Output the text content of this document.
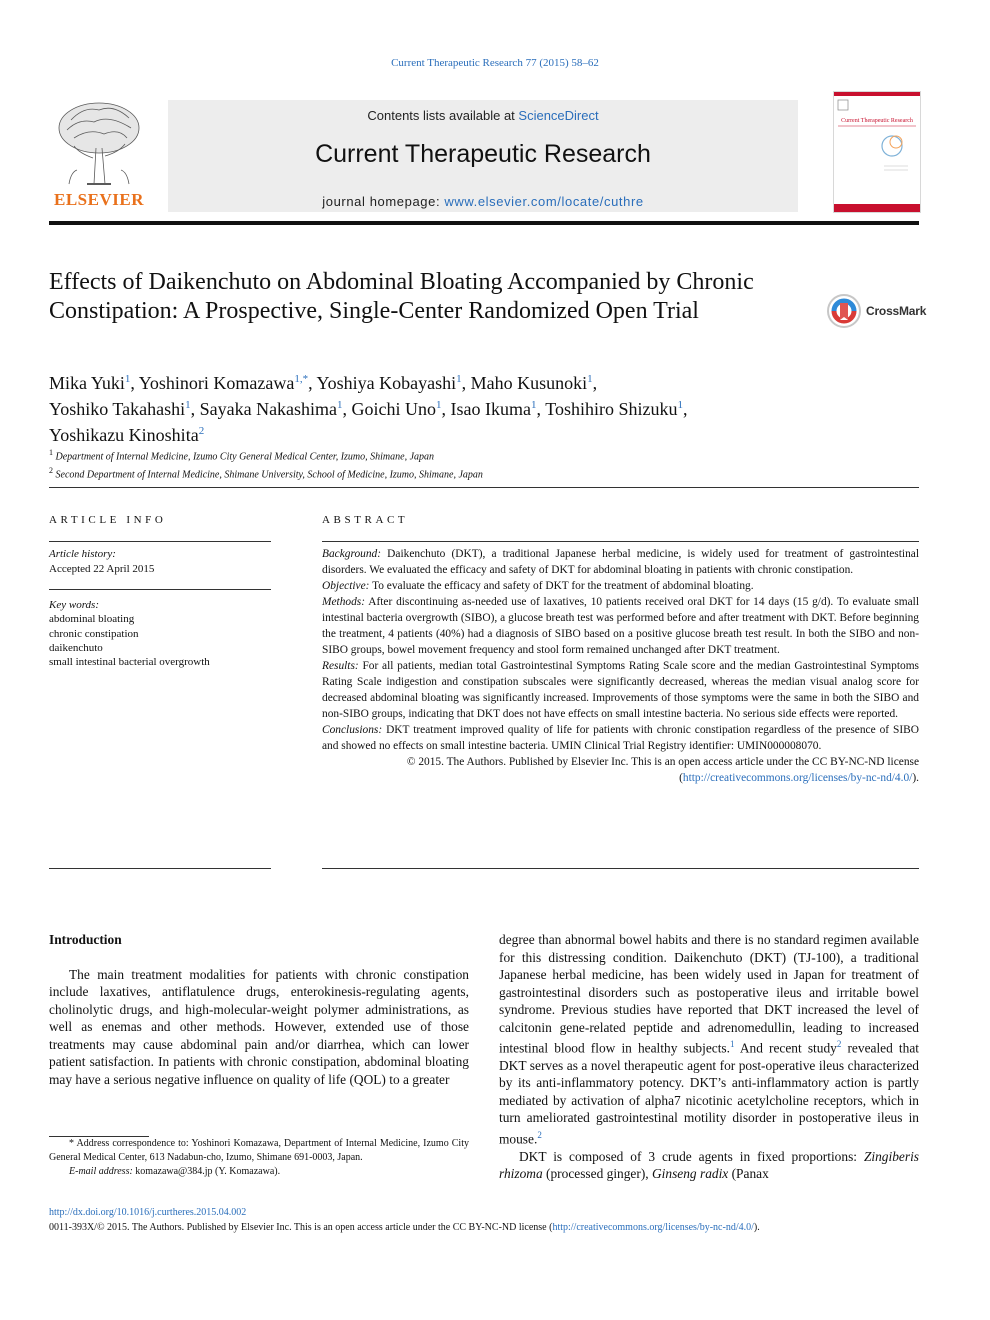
Current Therapeutic Research 77 (2015) 58–62
ELSEVIER
Contents lists available at ScienceDirect
Current Therapeutic Research
journal homepage: www.elsevier.com/locate/cuthre
Current Therapeutic Research
Effects of Daikenchuto on Abdominal Bloating Accompanied by Chronic Constipation: A Prospective, Single-Center Randomized Open Trial	CrossMark
Mika Yuki$^1$, Yoshinori Komazawa$^{1,*}$, Yoshiya Kobayashi$^1$, Maho Kusunoki$^1$,
Yoshiko Takahashi$^1$, Sayaka Nakashima$^1$, Goichi Uno$^1$, Isao Ikuma$^1$, Toshihiro Shizuku$^1$,
Yoshikazu Kinoshita$^2$
$^1$ Department of Internal Medicine, Izumo City General Medical Center, Izumo, Shimane, Japan
$^2$ Second Department of Internal Medicine, Shimane University, School of Medicine, Izumo, Shimane, Japan
ARTICLE INFO
Article history:
Accepted 22 April 2015
Key words:
abdominal bloating
chronic constipation
daikenchuto
small intestinal bacterial overgrowth
ABSTRACT

Background: Daikenchuto (DKT), a traditional Japanese herbal medicine, is widely used for treatment of gastrointestinal disorders. We evaluated the efficacy and safety of DKT for abdominal bloating in patients with chronic constipation.

Objective: To evaluate the efficacy and safety of DKT for the treatment of abdominal bloating.

Methods: After discontinuing as-needed use of laxatives, 10 patients received oral DKT for 14 days (15 g/d). To evaluate small intestinal bacteria overgrowth (SIBO), a glucose breath test was performed before and after treatment with DKT. Before beginning the treatment, 4 patients (40%) had a diagnosis of SIBO based on a positive glucose breath test result. In both the SIBO and non-SIBO groups, bowel movement frequency and stool form remained unchanged after DKT treatment.

Results: For all patients, median total Gastrointestinal Symptoms Rating Scale score and the median Gastrointestinal Symptoms Rating Scale indigestion and constipation subscales were significantly decreased, whereas the median visual analog score for decreased abdominal bloating was significantly increased. Improvements of those symptoms were the same in both the SIBO and non-SIBO groups, indicating that DKT does not have effects on small intestine bacteria. No serious side effects were reported.

Conclusions: DKT treatment improved quality of life for patients with chronic constipation regardless of the presence of SIBO and showed no effects on small intestine bacteria. UMIN Clinical Trial Registry identifier: UMIN000008070.

© 2015. The Authors. Published by Elsevier Inc. This is an open access article under the CC BY-NC-ND license (http://creativecommons.org/licenses/by-nc-nd/4.0/).

Introduction

The main treatment modalities for patients with chronic constipation include laxatives, antiflatulence drugs, enterokinesis-regulating agents, cholinolytic drugs, and high-molecular-weight polymer administrations, as well as enemas and other methods. However, extended use of those treatments may cause abdominal pain and/or diarrhea, which can lower patient satisfaction. In patients with chronic constipation, abdominal bloating may have a serious negative influence on quality of life (QOL) to a greater

* Address correspondence to: Yoshinori Komazawa, Department of Internal Medicine, Izumo City General Medical Center, 613 Nadabun-cho, Izumo, Shimane 691-0003, Japan.

E-mail address: komazawa@384.jp (Y. Komazawa).

degree than abnormal bowel habits and there is no standard regimen available for this distressing condition. Daikenchuto (DKT) (TJ-100), a traditional Japanese herbal medicine, has been widely used in Japan for treatment of gastrointestinal disorders such as postoperative ileus and irritable bowel syndrome. Previous studies have reported that DKT increased the level of calcitonin gene-related peptide and adrenomedullin, leading to increased intestinal blood flow in healthy subjects.$^1$ And recent study$^2$ revealed that DKT serves as a novel therapeutic agent for post-operative ileus characterized by its anti-inflammatory potency. DKT’s anti-inflammatory action is partly mediated by activation of alpha7 nicotinic acetylcholine receptors, which in turn ameliorated gastrointestinal motility disorder in postoperative ileus in mouse.$^2$

DKT is composed of 3 crude agents in fixed proportions: Zingiberis rhizoma (processed ginger), Ginseng radix (Panax

http://dx.doi.org/10.1016/j.curtheres.2015.04.002
0011-393X/© 2015. The Authors. Published by Elsevier Inc. This is an open access article under the CC BY-NC-ND license (http://creativecommons.org/licenses/by-nc-nd/4.0/).
